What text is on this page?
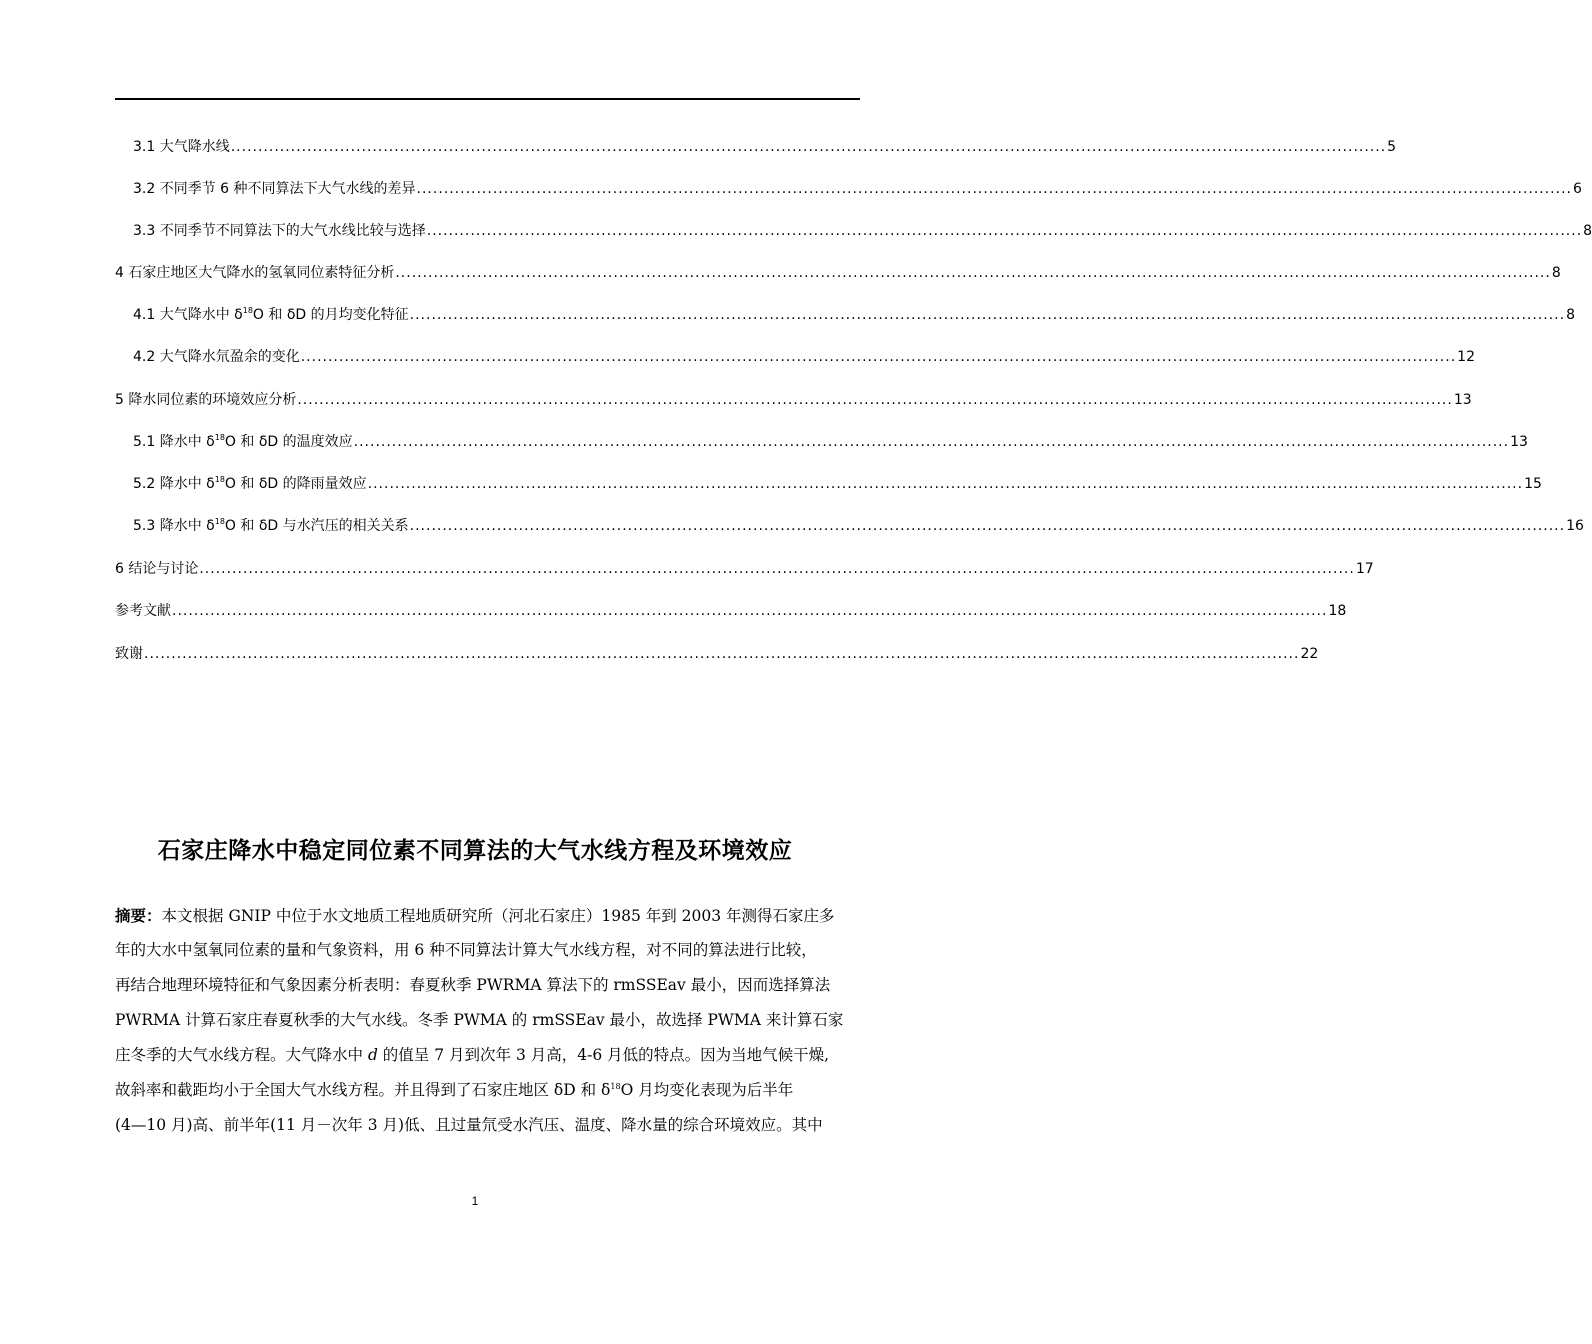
3.1 大气降水线 .................................................................................................................................................................................................................... 5
3.2 不同季节 6 种不同算法下大气水线的差异 .................................................................................................................................................................................................................... 6
3.3 不同季节不同算法下的大气水线比较与选择 .................................................................................................................................................................................................................... 8
4 石家庄地区大气降水的氢氧同位素特征分析 .................................................................................................................................................................................................................... 8
4.1 大气降水中 $\delta^{18}O$ 和 δD 的月均变化特征 .................................................................................................................................................................................................................... 8
4.2 大气降水氘盈余的变化 .................................................................................................................................................................................................................... 12
5 降水同位素的环境效应分析 .................................................................................................................................................................................................................... 13
5.1 降水中 $\delta^{18}O$ 和 δD 的温度效应 .................................................................................................................................................................................................................... 13
5.2 降水中 $\delta^{18}O$ 和 δD 的降雨量效应 .................................................................................................................................................................................................................... 15
5.3 降水中 $\delta^{18}O$ 和 δD 与水汽压的相关关系 .................................................................................................................................................................................................................... 16
6 结论与讨论 .................................................................................................................................................................................................................... 17
参考文献 .................................................................................................................................................................................................................... 18
致谢 .................................................................................................................................................................................................................... 22
石家庄降水中稳定同位素不同算法的大气水线方程及环境效应
摘要：本文根据 GNIP 中位于水文地质工程地质研究所（河北石家庄）1985 年到 2003 年测得石家庄多
年的大水中氢氧同位素的量和气象资料，用 6 种不同算法计算大气水线方程，对不同的算法进行比较，
再结合地理环境特征和气象因素分析表明：春夏秋季 PWRMA 算法下的 rmSSEav 最小，因而选择算法
PWRMA 计算石家庄春夏秋季的大气水线。冬季 PWMA 的 rmSSEav 最小，故选择 PWMA 来计算石家
庄冬季的大气水线方程。大气降水中 d 的值呈 7 月到次年 3 月高，4-6 月低的特点。因为当地气候干燥,
故斜率和截距均小于全国大气水线方程。并且得到了石家庄地区 δD 和 $\delta^{18}O$ 月均变化表现为后半年
(4—10 月)高、前半年(11 月－次年 3 月)低、且过量氘受水汽压、温度、降水量的综合环境效应。其中
1
